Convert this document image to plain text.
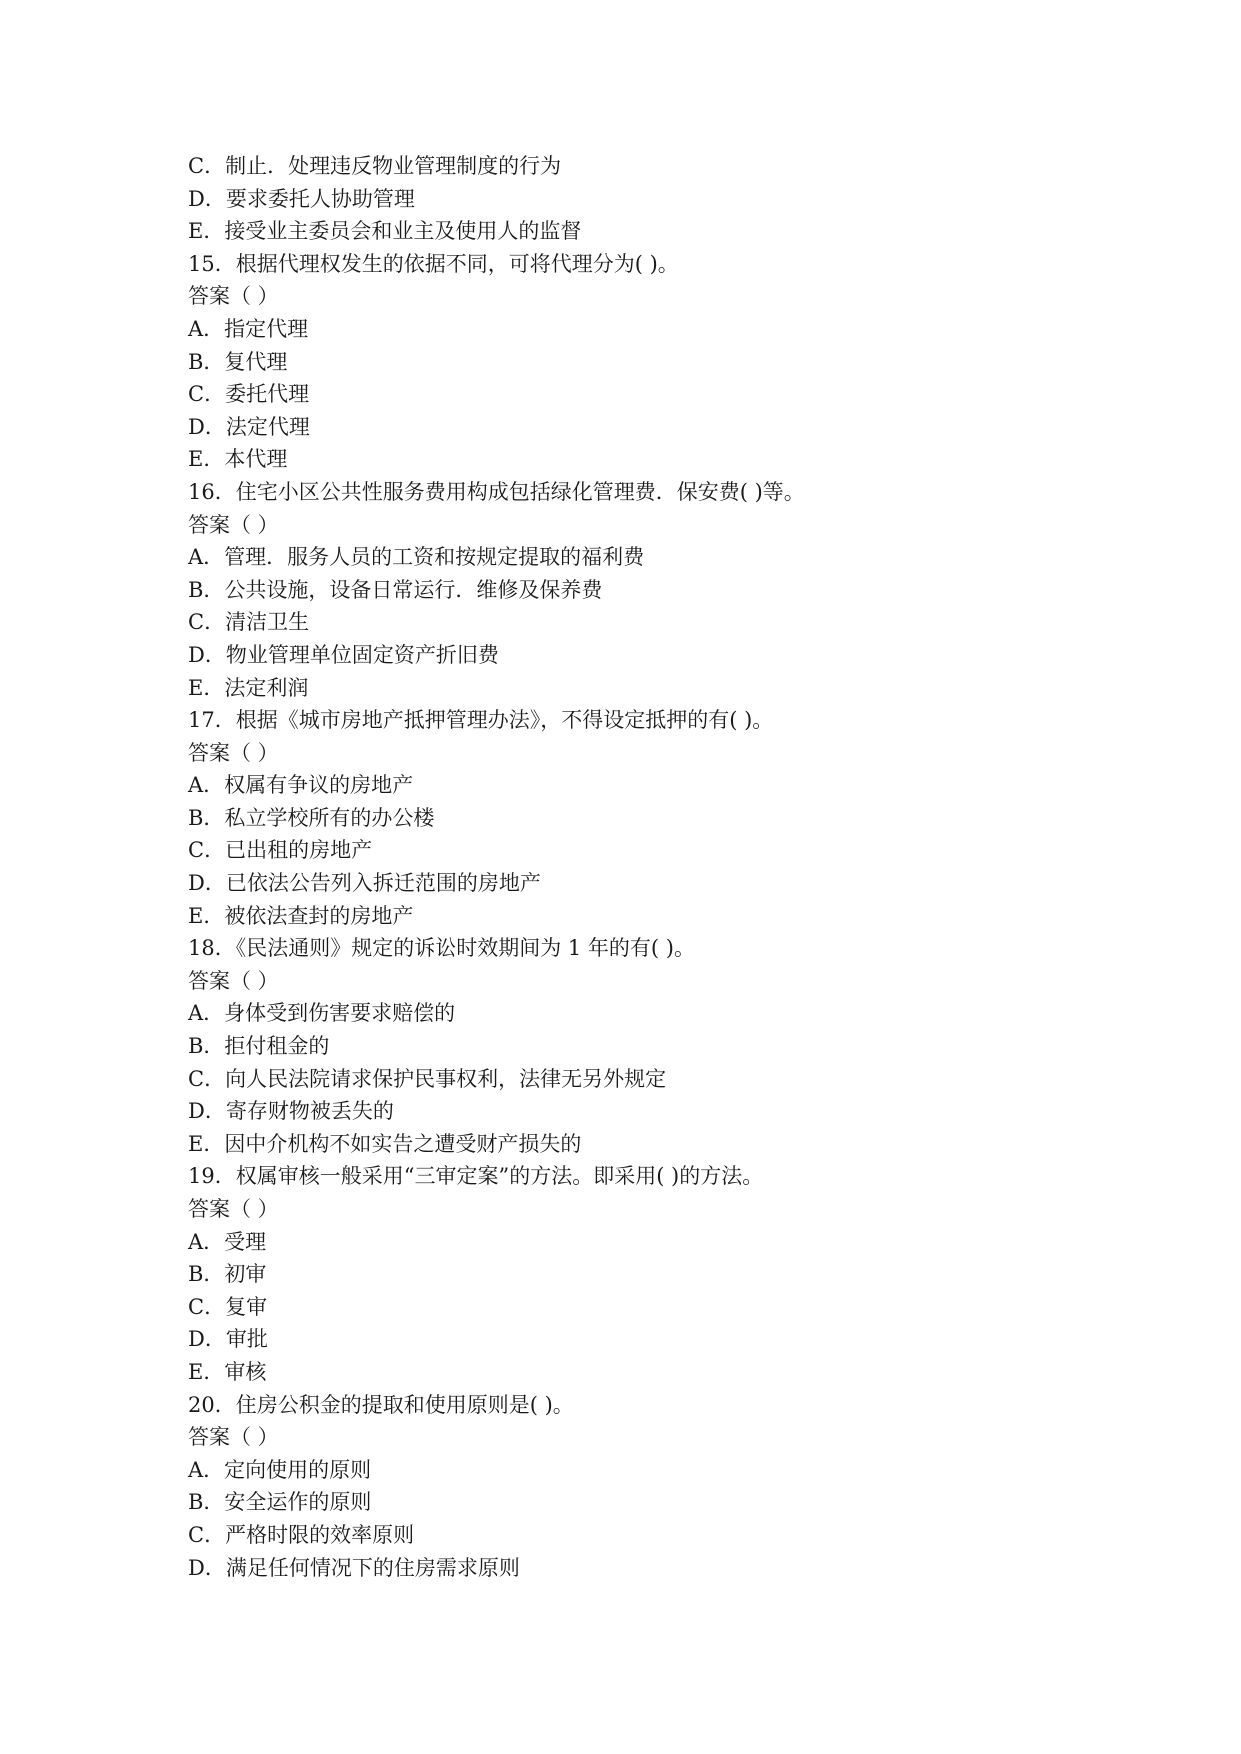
C．制止．处理违反物业管理制度的行为

D．要求委托人协助管理

E．接受业主委员会和业主及使用人的监督

15．根据代理权发生的依据不同，可将代理分为( )。

答案（ ）

A．指定代理

B．复代理

C．委托代理

D．法定代理

E．本代理

16．住宅小区公共性服务费用构成包括绿化管理费．保安费( )等。

答案（ ）

A．管理．服务人员的工资和按规定提取的福利费

B．公共设施，设备日常运行．维修及保养费

C．清洁卫生

D．物业管理单位固定资产折旧费

E．法定利润

17．根据《城市房地产抵押管理办法》，不得设定抵押的有( )。

答案（ ）

A．权属有争议的房地产

B．私立学校所有的办公楼

C．已出租的房地产

D．已依法公告列入拆迁范围的房地产

E．被依法查封的房地产

18．《民法通则》规定的诉讼时效期间为 1 年的有( )。

答案（ ）

A．身体受到伤害要求赔偿的

B．拒付租金的

C．向人民法院请求保护民事权利，法律无另外规定

D．寄存财物被丢失的

E．因中介机构不如实告之遭受财产损失的

19．权属审核一般采用“三审定案”的方法。即采用( )的方法。

答案（ ）

A．受理

B．初审

C．复审

D．审批

E．审核

20．住房公积金的提取和使用原则是( )。

答案（ ）

A．定向使用的原则

B．安全运作的原则

C．严格时限的效率原则

D．满足任何情况下的住房需求原则
